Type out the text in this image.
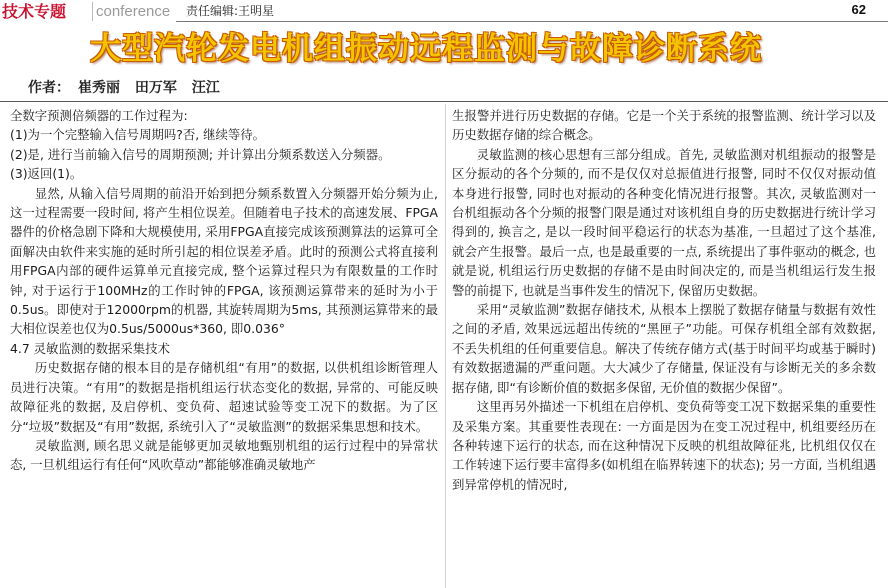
技术专题	conference 责任编辑:王明星	62
大型汽轮发电机组振动远程监测与故障诊断系统
作者： 崔秀丽 田万军 汪江

全数字预测倍频器的工作过程为:

(1)为一个完整输入信号周期吗?否, 继续等待。

(2)是, 进行当前输入信号的周期预测; 并计算出分频系数送入分频器。

(3)返回(1)。

显然, 从输入信号周期的前沿开始到把分频系数置入分频器开始分频为止, 这一过程需要一段时间, 将产生相位误差。但随着电子技术的高速发展、FPGA器件的价格急剧下降和大规模使用, 采用FPGA直接完成该预测算法的运算可全面解决由软件来实施的延时所引起的相位误差矛盾。此时的预测公式将直接利用FPGA内部的硬件运算单元直接完成, 整个运算过程只为有限数量的工作时钟, 对于运行于100MHz的工作时钟的FPGA, 该预测运算带来的延时为小于0.5us。即使对于12000rpm的机器, 其旋转周期为5ms, 其预测运算带来的最大相位误差也仅为0.5us/5000us*360, 即0.036°

4.7 灵敏监测的数据采集技术

历史数据存储的根本目的是存储机组“有用”的数据, 以供机组诊断管理人员进行决策。“有用”的数据是指机组运行状态变化的数据, 异常的、可能反映故障征兆的数据, 及启停机、变负荷、超速试验等变工况下的数据。为了区分“垃圾”数据及“有用”数据, 系统引入了“灵敏监测”的数据采集思想和技术。

灵敏监测, 顾名思义就是能够更加灵敏地甄别机组的运行过程中的异常状态, 一旦机组运行有任何“风吹草动”都能够准确灵敏地产

生报警并进行历史数据的存储。它是一个关于系统的报警监测、统计学习以及历史数据存储的综合概念。

灵敏监测的核心思想有三部分组成。首先, 灵敏监测对机组振动的报警是区分振动的各个分频的, 而不是仅仅对总振值进行报警, 同时不仅仅对振动值本身进行报警, 同时也对振动的各种变化情况进行报警。其次, 灵敏监测对一台机组振动各个分频的报警门限是通过对该机组自身的历史数据进行统计学习得到的, 换言之, 是以一段时间平稳运行的状态为基准, 一旦超过了这个基准, 就会产生报警。最后一点, 也是最重要的一点, 系统提出了事件驱动的概念, 也就是说, 机组运行历史数据的存储不是由时间决定的, 而是当机组运行发生报警的前提下, 也就是当事件发生的情况下, 保留历史数据。

采用“灵敏监测”数据存储技术, 从根本上摆脱了数据存储量与数据有效性之间的矛盾, 效果远远超出传统的“黑匣子”功能。可保存机组全部有效数据, 不丢失机组的任何重要信息。解决了传统存储方式(基于时间平均或基于瞬时)有效数据遗漏的严重问题。大大减少了存储量, 保证没有与诊断无关的多余数据存储, 即“有诊断价值的数据多保留, 无价值的数据少保留”。

这里再另外描述一下机组在启停机、变负荷等变工况下数据采集的重要性及采集方案。其重要性表现在: 一方面是因为在变工况过程中, 机组要经历在各种转速下运行的状态, 而在这种情况下反映的机组故障征兆, 比机组仅仅在工作转速下运行要丰富得多(如机组在临界转速下的状态); 另一方面, 当机组遇到异常停机的情况时,
